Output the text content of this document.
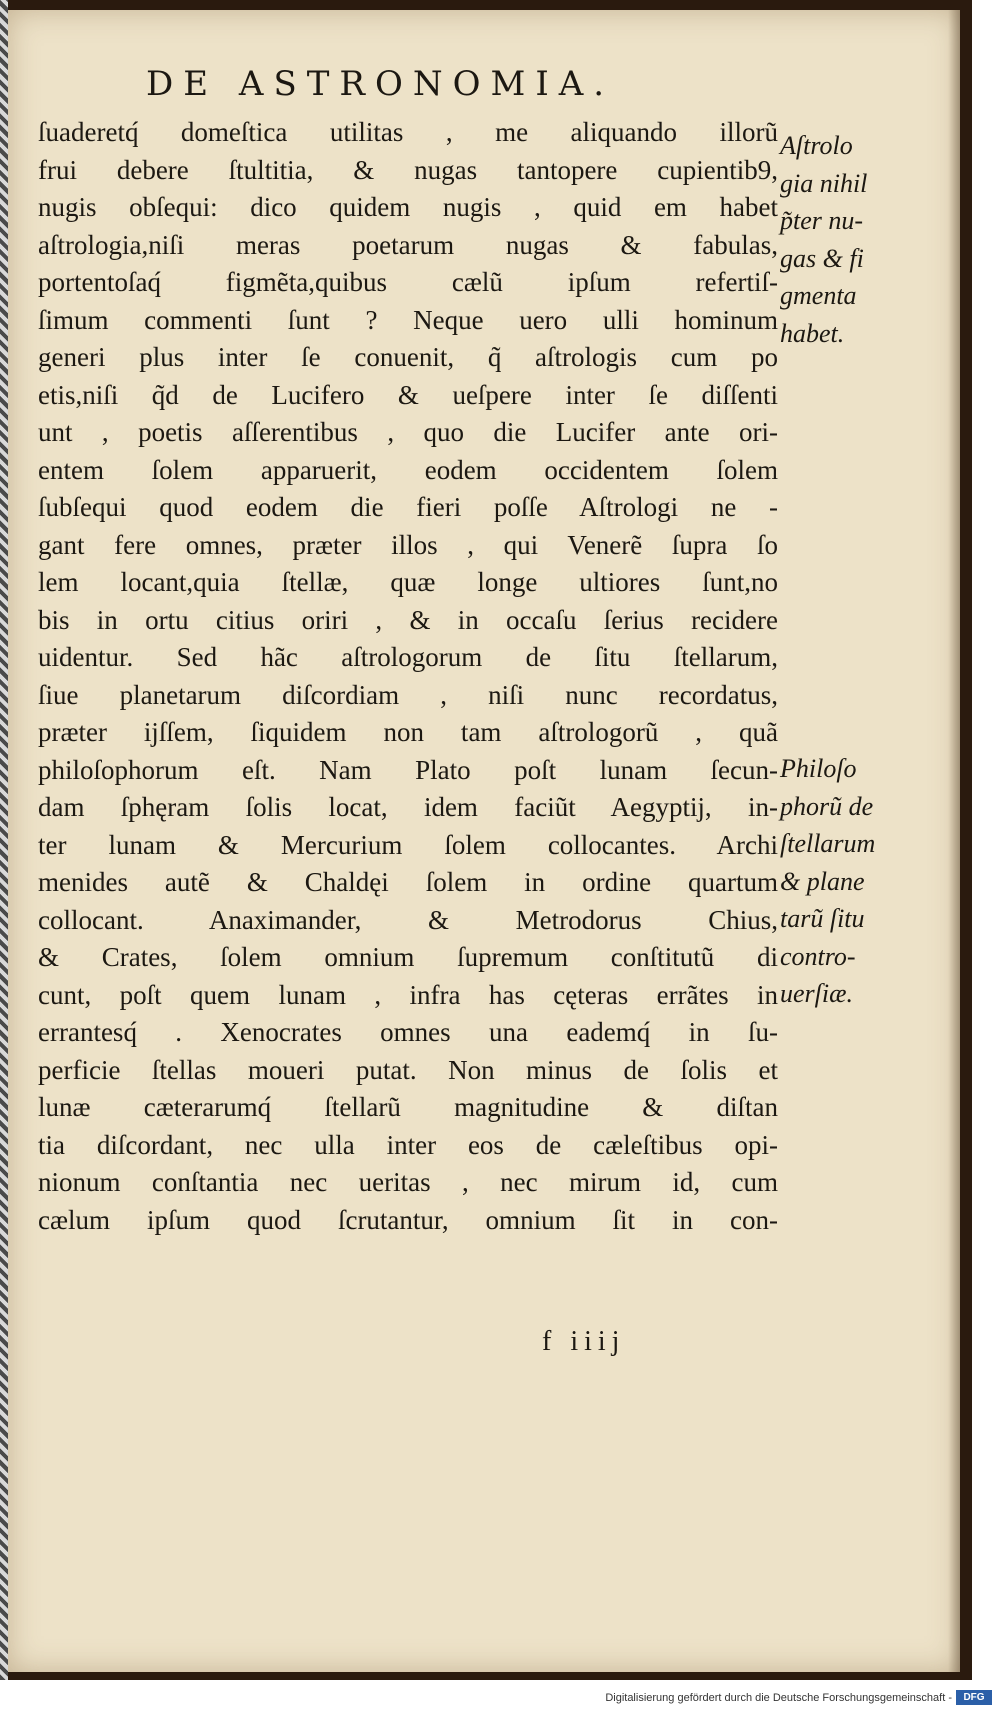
DE ASTRONOMIA.
ſuaderetq́ domeſtica utilitas , me aliquando illorũ
frui debere ſtultitia, & nugas tantopere cupientib9,
nugis obſequi: dico quidem nugis , quid em habet
aſtrologia,niſi meras poetarum nugas & fabulas,
portentoſaq́ figmẽta,quibus cælũ ipſum refertiſ-
ſimum commenti ſunt ? Neque uero ulli hominum
generi plus inter ſe conuenit, q̃ aſtrologis cum po
etis,niſi q̃d de Lucifero & ueſpere inter ſe diſſenti
unt , poetis aſſerentibus , quo die Lucifer ante ori-
entem ſolem apparuerit, eodem occidentem ſolem
ſubſequi quod eodem die fieri poſſe Aſtrologi ne -
gant fere omnes, præter illos , qui Venerẽ ſupra ſo
lem locant,quia ſtellæ, quæ longe ultiores ſunt,no
bis in ortu citius oriri , & in occaſu ſerius recidere
uidentur. Sed hãc aſtrologorum de ſitu ſtellarum,
ſiue planetarum diſcordiam , niſi nunc recordatus,
præter ĳſſem, ſiquidem non tam aſtrologorũ , quã
philoſophorum eſt. Nam Plato poſt lunam ſecun-
dam ſphęram ſolis locat, idem faciũt Aegyptĳ, in-
ter lunam & Mercurium ſolem collocantes. Archi
menides autẽ & Chaldęi ſolem in ordine quartum
collocant. Anaximander, & Metrodorus Chius,
& Crates, ſolem omnium ſupremum conſtitutũ di
cunt, poſt quem lunam , infra has cęteras errãtes in
errantesq́ . Xenocrates omnes una eademq́ in ſu-
perficie ſtellas moueri putat. Non minus de ſolis et
lunæ cæterarumq́ ſtellarũ magnitudine & diſtan
tia diſcordant, nec ulla inter eos de cæleſtibus opi-
nionum conſtantia nec ueritas , nec mirum id, cum
cælum ipſum quod ſcrutantur, omnium ſit in con-
Aſtrolo
gia nihil
p̃ter nu-
gas & fi
gmenta
habet.
Philoſo
phorũ de
ſtellarum
& plane
tarũ ſitu
contro-
uerſiæ.
f iiij
Digitalisierung gefördert durch die Deutsche Forschungsgemeinschaft -	DFG
